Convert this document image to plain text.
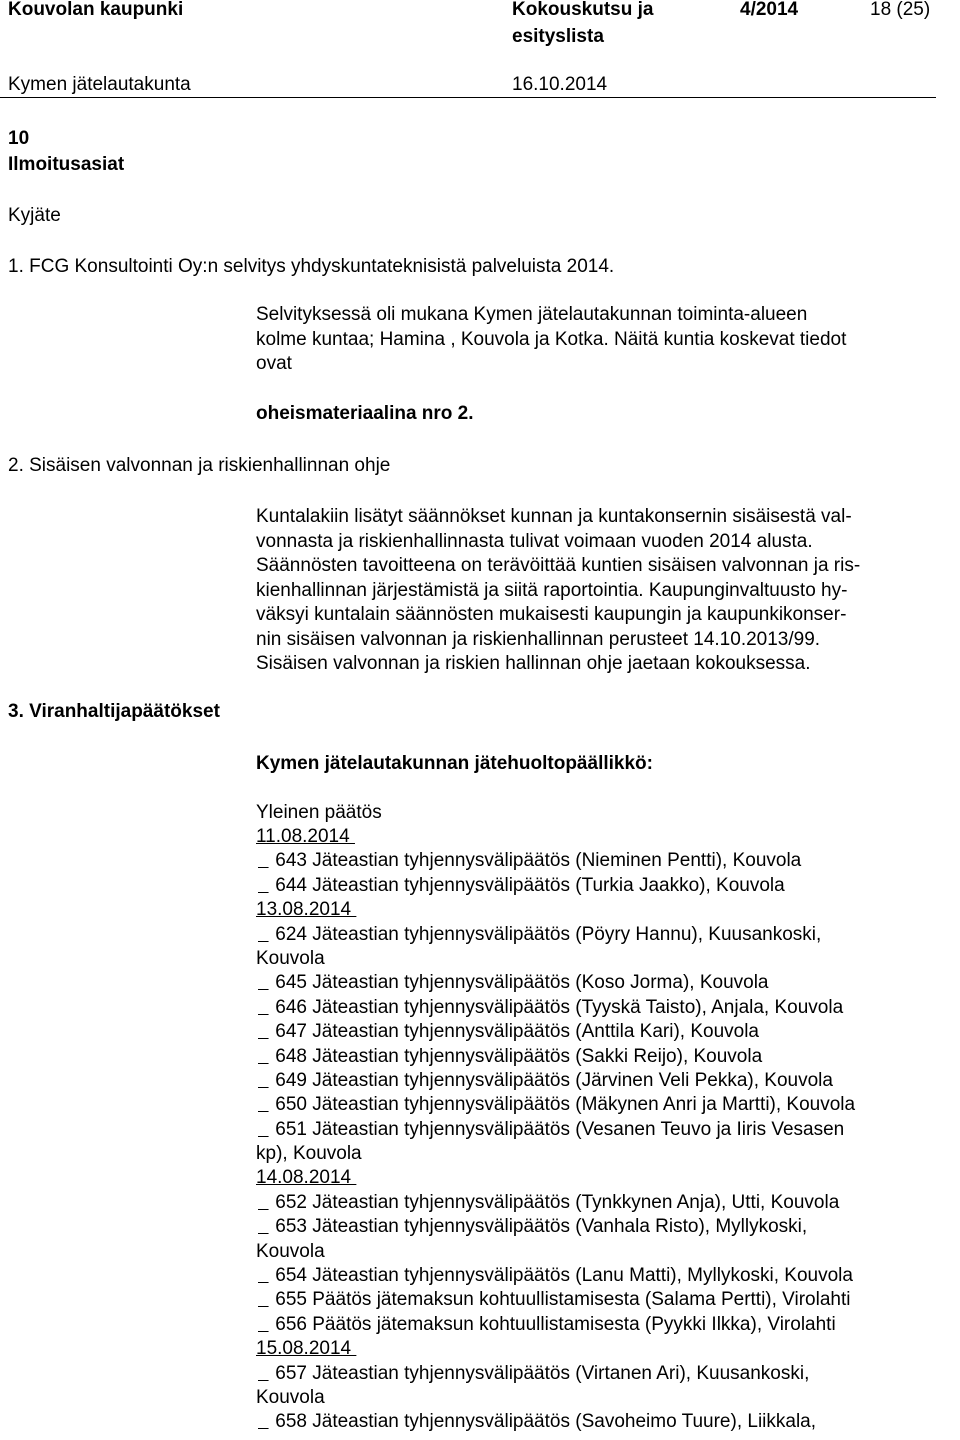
Kouvolan kaupunki	Kokouskutsu ja
esityslista
4/2014	18 (25)
Kymen jätelautakunta	16.10.2014
10
Ilmoitusasiat
Kyjäte
1. FCG Konsultointi Oy:n selvitys yhdyskuntateknisistä palveluista 2014.
Selvityksessä oli mukana Kymen jätelautakunnan toiminta-alueen
kolme kuntaa; Hamina , Kouvola ja Kotka. Näitä kuntia koskevat tiedot
ovat
oheismateriaalina nro 2.
2. Sisäisen valvonnan ja riskienhallinnan ohje
Kuntalakiin lisätyt säännökset kunnan ja kuntakonsernin sisäisestä val-
vonnasta ja riskienhallinnasta tulivat voimaan vuoden 2014 alusta.
Säännösten tavoitteena on terävöittää kuntien sisäisen valvonnan ja ris-
kienhallinnan järjestämistä ja siitä raportointia. Kaupunginvaltuusto hy-
väksyi kuntalain säännösten mukaisesti kaupungin ja kaupunkikonser-
nin sisäisen valvonnan ja riskienhallinnan perusteet 14.10.2013/99.
Sisäisen valvonnan ja riskien hallinnan ohje jaetaan kokouksessa.
3. Viranhaltijapäätökset
Kymen jätelautakunnan jätehuoltopäällikkö:
Yleinen päätös
11.08.2014
643 Jäteastian tyhjennysvälipäätös (Nieminen Pentti), Kouvola
644 Jäteastian tyhjennysvälipäätös (Turkia Jaakko), Kouvola
13.08.2014
624 Jäteastian tyhjennysvälipäätös (Pöyry Hannu), Kuusankoski,
Kouvola
645 Jäteastian tyhjennysvälipäätös (Koso Jorma), Kouvola
646 Jäteastian tyhjennysvälipäätös (Tyyskä Taisto), Anjala, Kouvola
647 Jäteastian tyhjennysvälipäätös (Anttila Kari), Kouvola
648 Jäteastian tyhjennysvälipäätös (Sakki Reijo), Kouvola
649 Jäteastian tyhjennysvälipäätös (Järvinen Veli Pekka), Kouvola
650 Jäteastian tyhjennysvälipäätös (Mäkynen Anri ja Martti), Kouvola
651 Jäteastian tyhjennysvälipäätös (Vesanen Teuvo ja Iiris Vesasen
kp), Kouvola
14.08.2014
652 Jäteastian tyhjennysvälipäätös (Tynkkynen Anja), Utti, Kouvola
653 Jäteastian tyhjennysvälipäätös (Vanhala Risto), Myllykoski,
Kouvola
654 Jäteastian tyhjennysvälipäätös (Lanu Matti), Myllykoski, Kouvola
655 Päätös jätemaksun kohtuullistamisesta (Salama Pertti), Virolahti
656 Päätös jätemaksun kohtuullistamisesta (Pyykki Ilkka), Virolahti
15.08.2014
657 Jäteastian tyhjennysvälipäätös (Virtanen Ari), Kuusankoski,
Kouvola
658 Jäteastian tyhjennysvälipäätös (Savoheimo Tuure), Liikkala,
